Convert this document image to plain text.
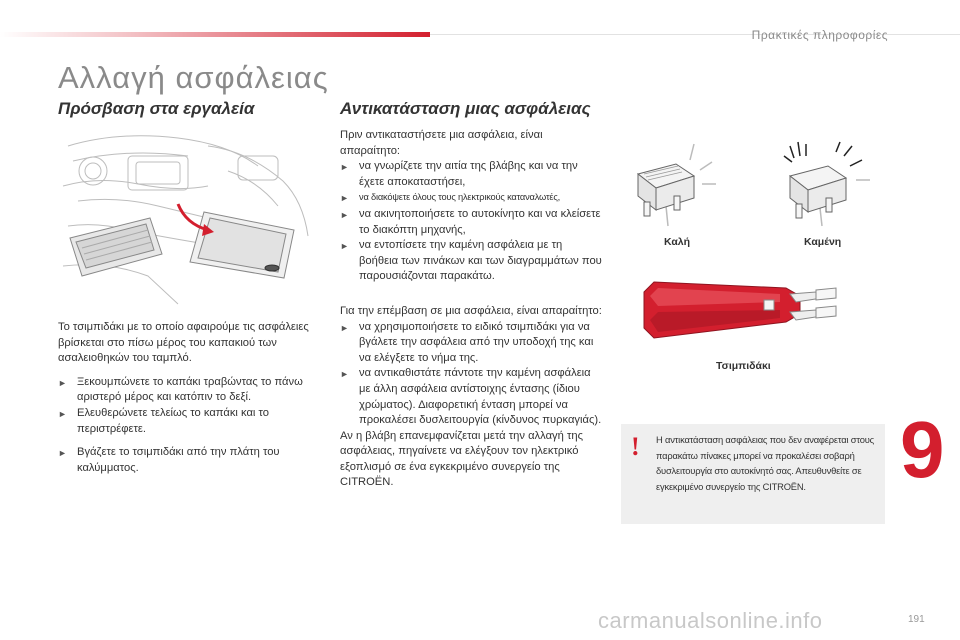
Πρακτικές πληροφορίες
Αλλαγή ασφάλειας
Πρόσβαση στα εργαλεία

Το τσιμπιδάκι με το οποίο αφαιρούμε τις ασφάλειες βρίσκεται στο πίσω μέρος του καπακιού των ασαλειοθηκών του ταμπλό.

► Ξεκουμπώνετε το καπάκι τραβώντας το πάνω αριστερό μέρος και κατόπιν το δεξί.
► Ελευθερώνετε τελείως το καπάκι και το περιστρέφετε.
► Βγάζετε το τσιμπιδάκι από την πλάτη του καλύμματος.
Αντικατάσταση μιας ασφάλειας

Πριν αντικαταστήσετε μια ασφάλεια, είναι απαραίτητο:

► να γνωρίζετε την αιτία της βλάβης και να την έχετε αποκαταστήσει,
►	να διακόψετε όλους τους ηλεκτρικούς καταναλωτές,
► να ακινητοποιήσετε το αυτοκίνητο και να κλείσετε το διακόπτη μηχανής,
► να εντοπίσετε την καμένη ασφάλεια με τη βοήθεια των πινάκων και των διαγραμμάτων που παρουσιάζονται παρακάτω.

Για την επέμβαση σε μια ασφάλεια, είναι απαραίτητο:

► να χρησιμοποιήσετε το ειδικό τσιμπιδάκι για να βγάλετε την ασφάλεια από την υποδοχή της και να ελέγξετε το νήμα της.
► να αντικαθιστάτε πάντοτε την καμένη ασφάλεια με άλλη ασφάλεια αντίστοιχης έντασης (ίδιου χρώματος). Διαφορετική ένταση μπορεί να προκαλέσει δυσλειτουργία (κίνδυνος πυρκαγιάς).

Αν η βλάβη επανεμφανίζεται μετά την αλλαγή της ασφάλειας, πηγαίνετε να ελέγξουν τον ηλεκτρικό εξοπλισμό σε ένα εγκεκριμένο συνεργείο της CITROËN.

Καλή	Καμένη
Τσιμπιδάκι
! Η αντικατάσταση ασφάλειας που δεν αναφέρεται στους παρακάτω πίνακες μπορεί να προκαλέσει σοβαρή δυσλειτουργία στο αυτοκίνητό σας. Απευθυνθείτε σε εγκεκριμένο συνεργείο της CITROËN.	9
191
carmanualsonline.info
